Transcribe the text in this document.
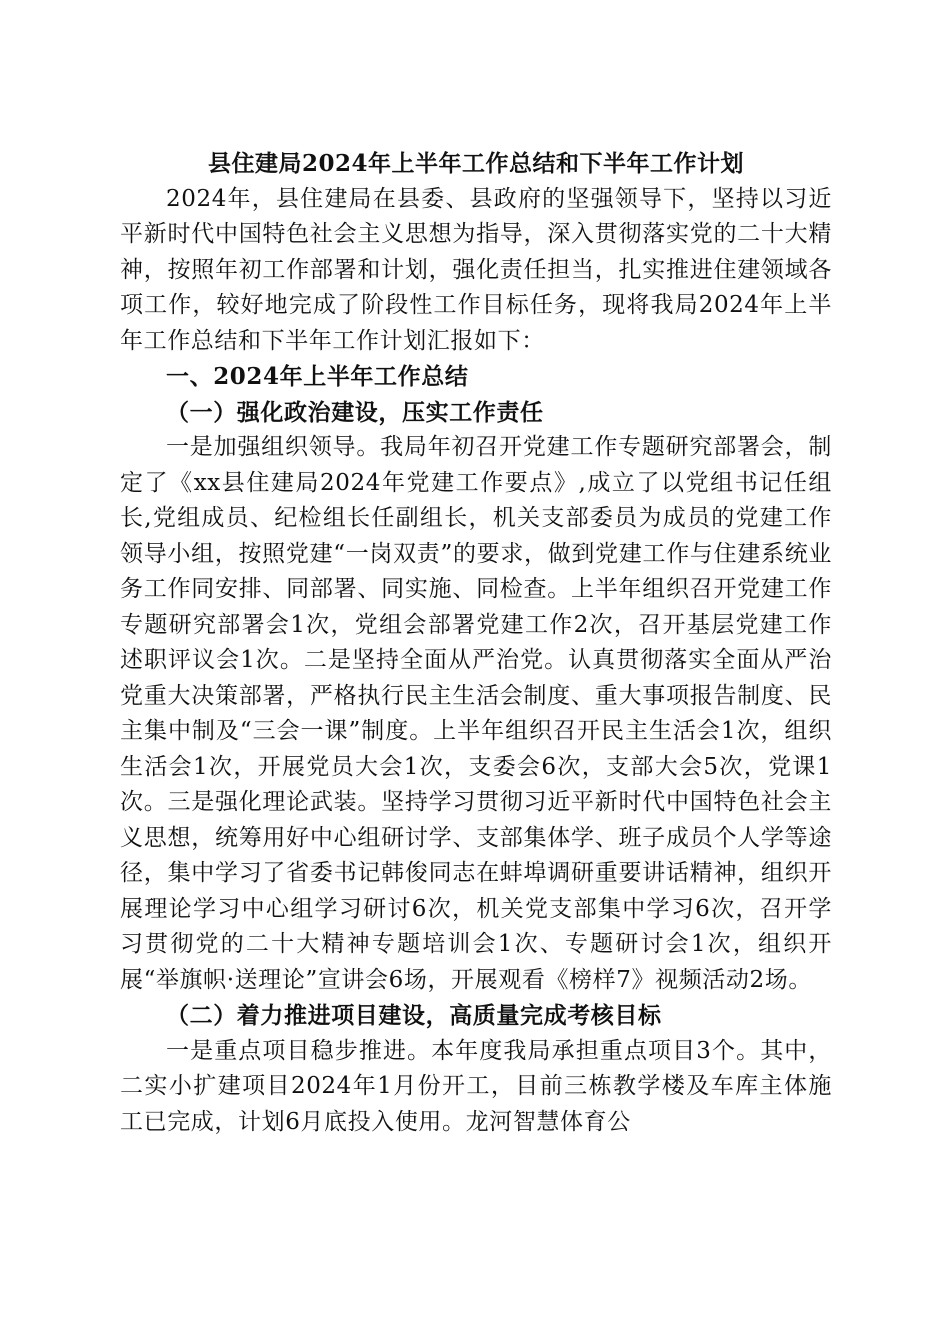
县住建局2024年上半年工作总结和下半年工作计划

2024年，县住建局在县委、县政府的坚强领导下，坚持以习近平新时代中国特色社会主义思想为指导，深入贯彻落实党的二十大精神，按照年初工作部署和计划，强化责任担当，扎实推进住建领域各项工作，较好地完成了阶段性工作目标任务，现将我局2024年上半年工作总结和下半年工作计划汇报如下：

一、2024年上半年工作总结

（一）强化政治建设，压实工作责任

一是加强组织领导。我局年初召开党建工作专题研究部署会，制定了《xx县住建局2024年党建工作要点》,成立了以党组书记任组长,党组成员、纪检组长任副组长，机关支部委员为成员的党建工作领导小组，按照党建“一岗双责”的要求，做到党建工作与住建系统业务工作同安排、同部署、同实施、同检查。上半年组织召开党建工作专题研究部署会1次，党组会部署党建工作2次，召开基层党建工作述职评议会1次。二是坚持全面从严治党。认真贯彻落实全面从严治党重大决策部署，严格执行民主生活会制度、重大事项报告制度、民主集中制及“三会一课”制度。上半年组织召开民主生活会1次，组织生活会1次，开展党员大会1次，支委会6次，支部大会5次，党课1次。三是强化理论武装。坚持学习贯彻习近平新时代中国特色社会主义思想，统筹用好中心组研讨学、支部集体学、班子成员个人学等途径，集中学习了省委书记韩俊同志在蚌埠调研重要讲话精神，组织开展理论学习中心组学习研讨6次，机关党支部集中学习6次，召开学习贯彻党的二十大精神专题培训会1次、专题研讨会1次，组织开展“举旗帜·送理论”宣讲会6场，开展观看《榜样7》视频活动2场。

（二）着力推进项目建设，高质量完成考核目标

一是重点项目稳步推进。本年度我局承担重点项目3个。其中，二实小扩建项目2024年1月份开工，目前三栋教学楼及车库主体施工已完成，计划6月底投入使用。龙河智慧体育公
